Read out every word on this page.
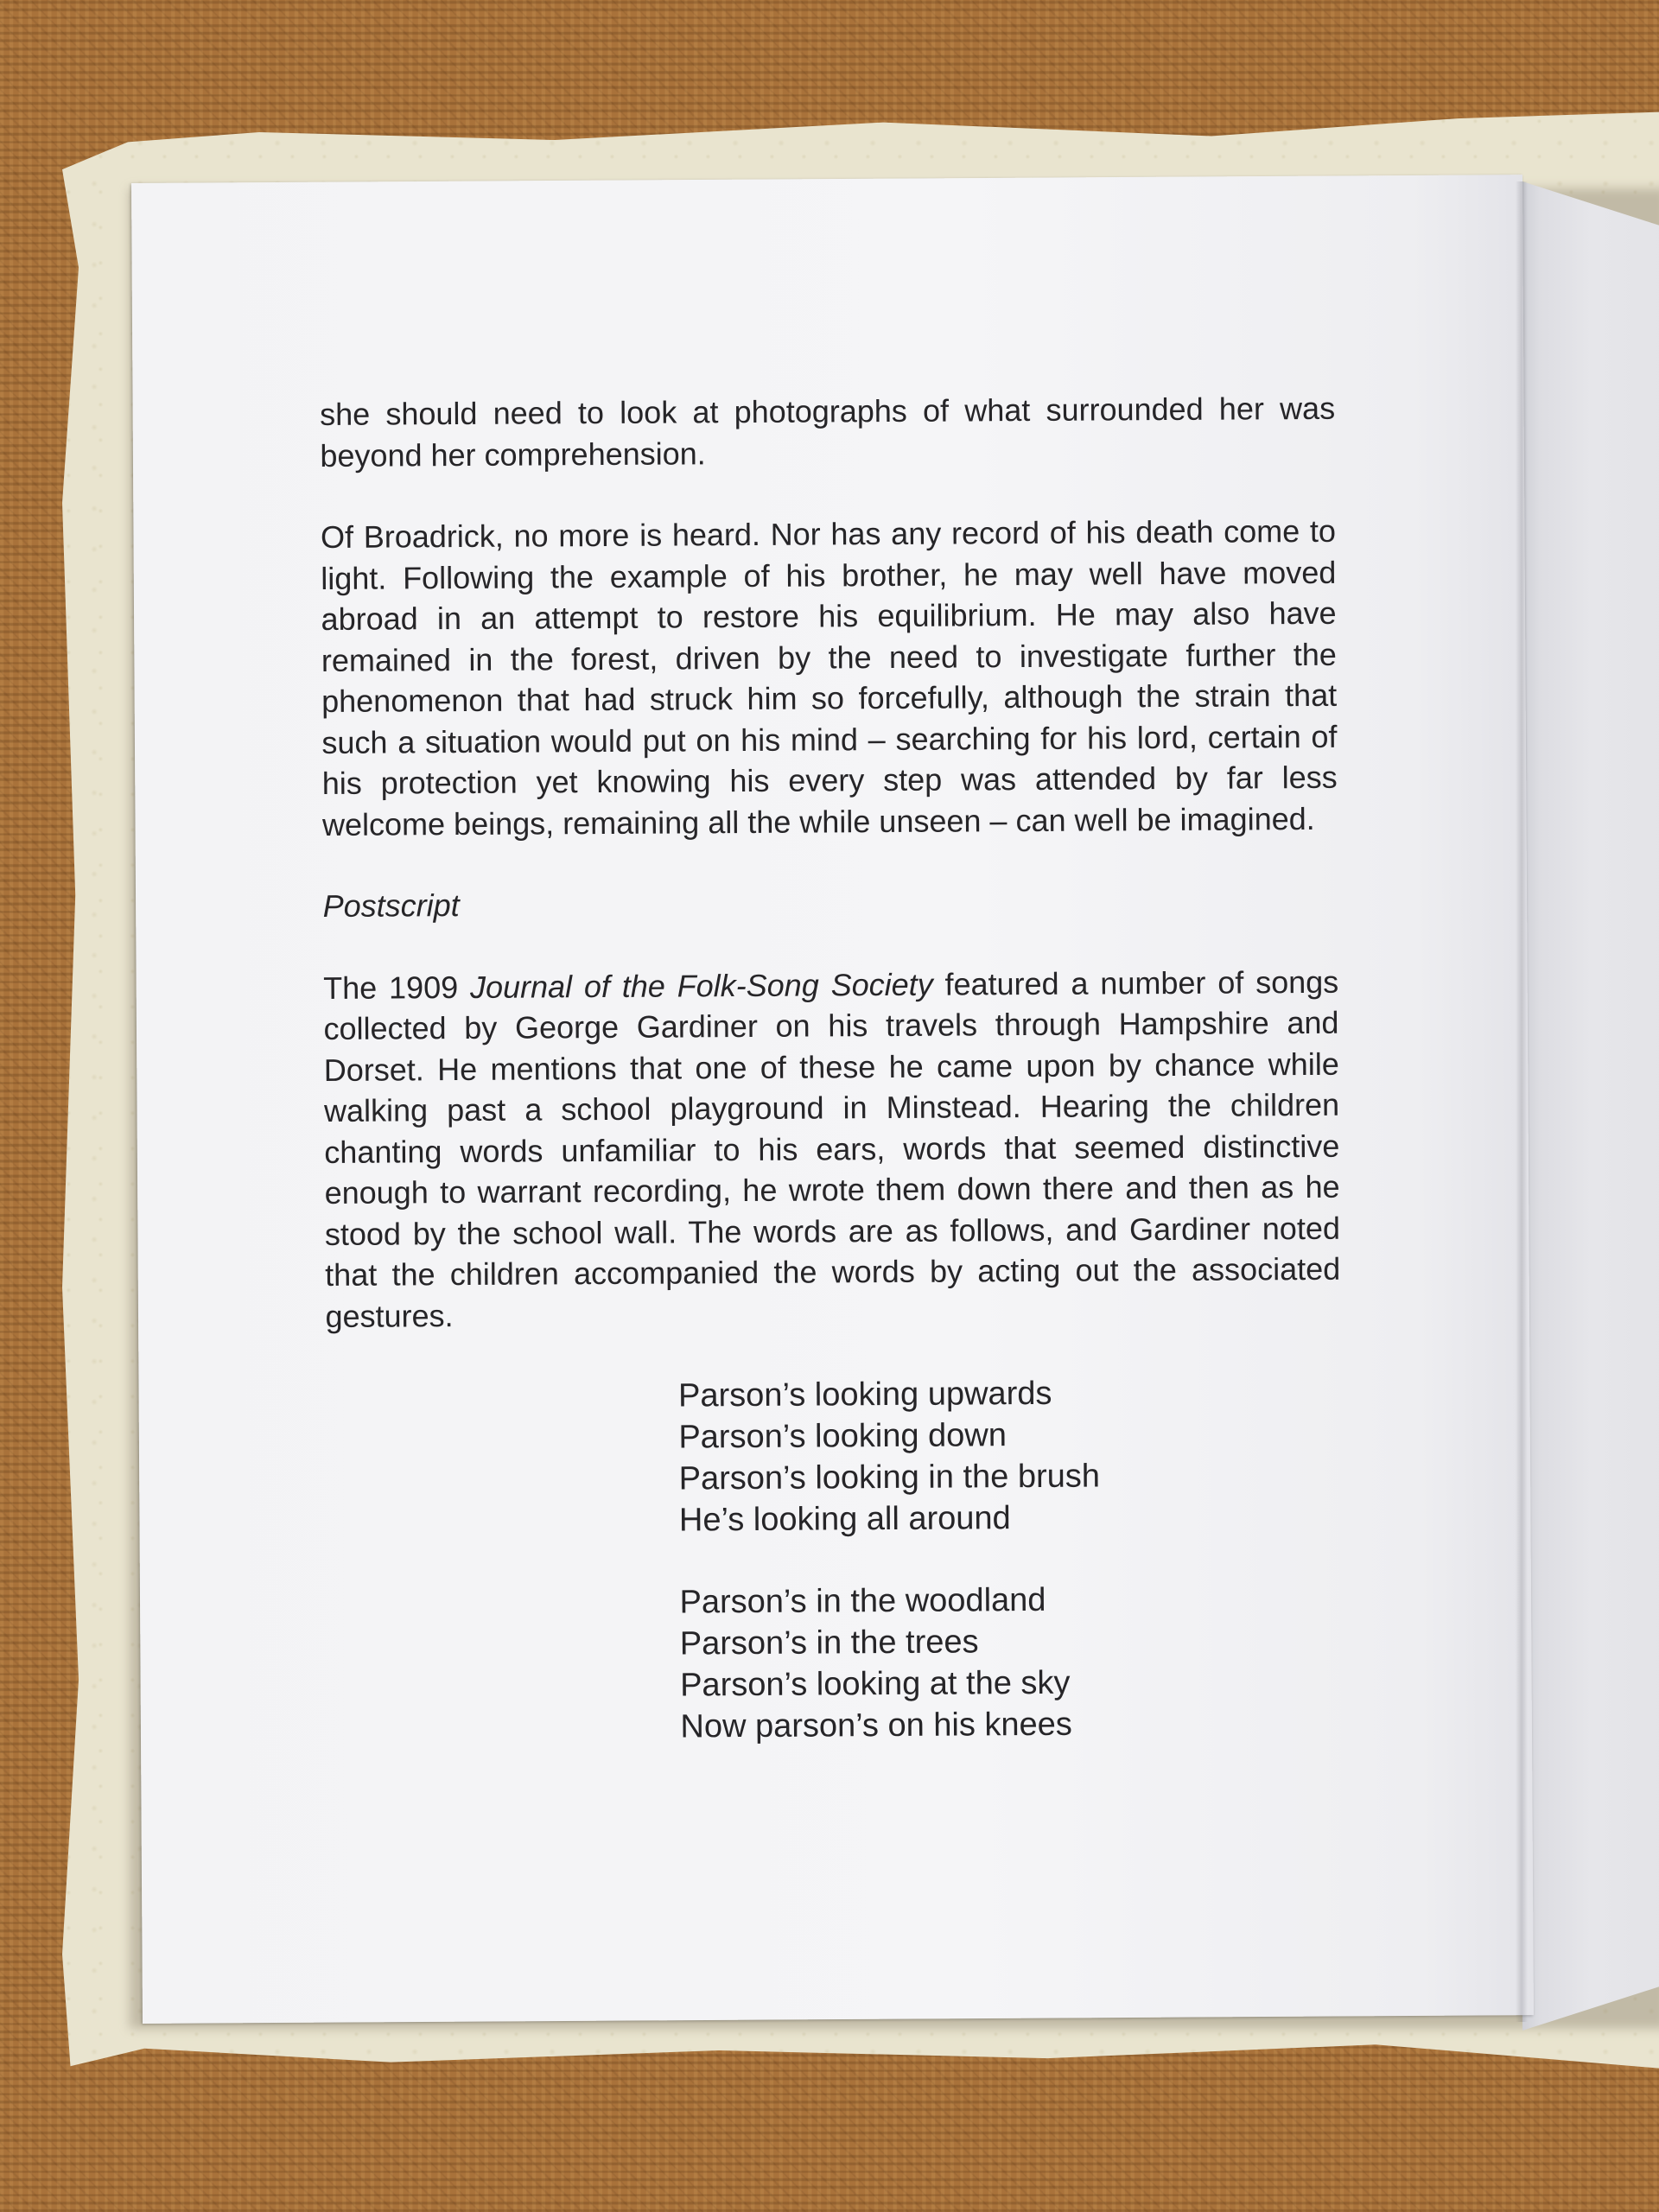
she should need to look at photographs of what surrounded her was beyond her comprehension.

Of Broadrick, no more is heard. Nor has any record of his death come to light. Following the example of his brother, he may well have moved abroad in an attempt to restore his equilibrium. He may also have remained in the forest, driven by the need to investigate further the phenomenon that had struck him so forcefully, although the strain that such a situation would put on his mind – searching for his lord, certain of his protection yet knowing his every step was attended by far less welcome beings, remaining all the while unseen – can well be imagined.

Postscript

The 1909 Journal of the Folk-Song Society featured a number of songs collected by George Gardiner on his travels through Hampshire and Dorset. He mentions that one of these he came upon by chance while walking past a school playground in Minstead. Hearing the children chanting words unfamiliar to his ears, words that seemed distinctive enough to warrant recording, he wrote them down there and then as he stood by the school wall. The words are as follows, and Gardiner noted that the children accompanied the words by acting out the associated gestures.

Parson’s looking upwards
Parson’s looking down
Parson’s looking in the brush
He’s looking all around
Parson’s in the woodland
Parson’s in the trees
Parson’s looking at the sky
Now parson’s on his knees
